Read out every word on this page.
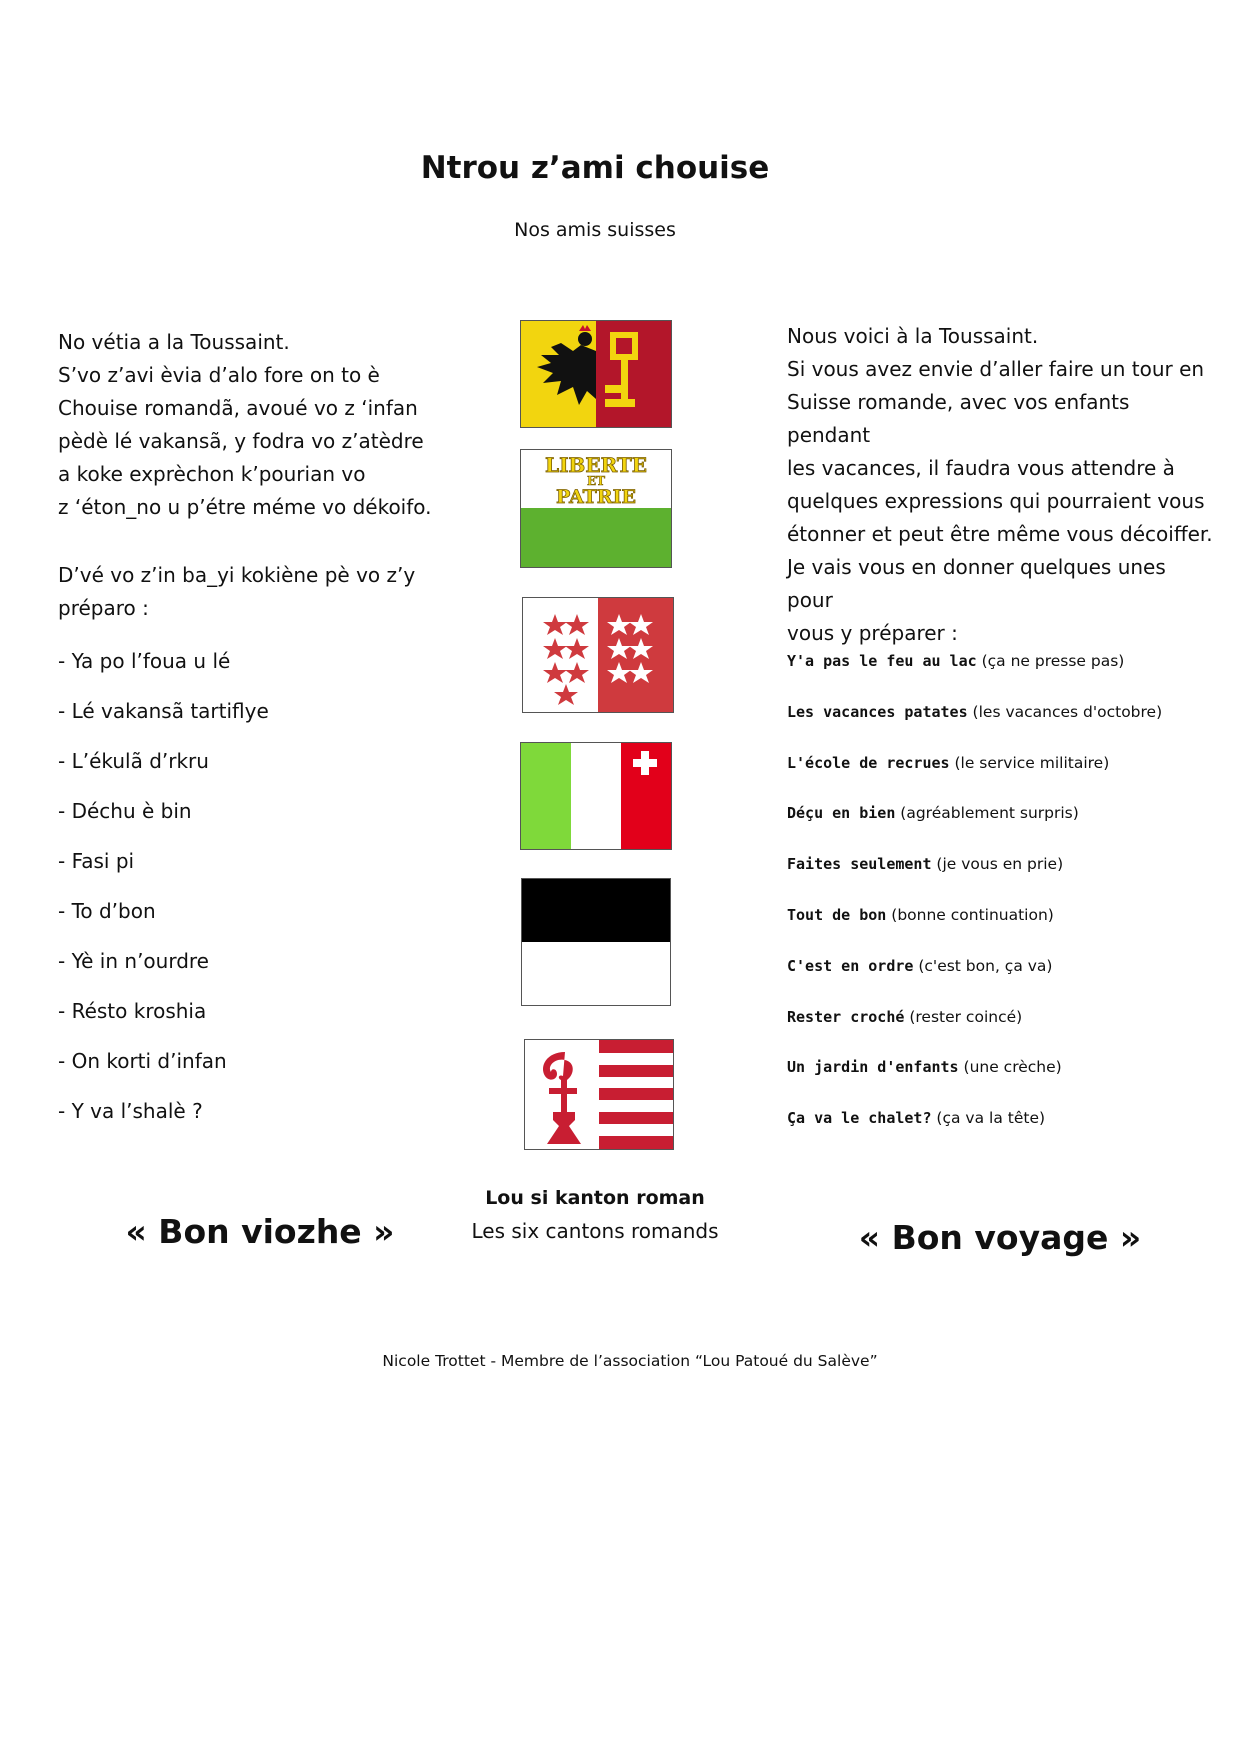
Ntrou z’ami chouise
Nos amis suisses

No vétia a la Toussaint.
S’vo z’avi èvia d’alo fore on to è
Chouise romandã, avoué vo z ‘infan
pèdè lé vakansã, y fodra vo z’atèdre
a koke exprèchon k’pourian vo
z ‘éton_no u p’étre méme vo dékoifo.

D’vé vo z’in ba_yi kokiène pè vo z’y
préparo :

- Ya po l’foua u lé
- Lé vakansã tartiflye
- L’ékulã d’rkru
- Déchu è bin
- Fasi pi
- To d’bon
- Yè in n’ourdre
- Résto kroshia
- On korti d’infan
- Y va l’shalè ?

Nous voici à la Toussaint.
Si vous avez envie d’aller faire un tour en
Suisse romande, avec vos enfants pendant
les vacances, il faudra vous attendre à
quelques expressions qui pourraient vous
étonner et peut être même vous décoiffer.

Je vais vous en donner quelques unes pour
vous y préparer :

Y'a pas le feu au lac (ça ne presse pas)
Les vacances patates (les vacances d'octobre)
L'école de recrues (le service militaire)
Déçu en bien (agréablement surpris)
Faites seulement (je vous en prie)
Tout de bon (bonne continuation)
C'est en ordre (c'est bon, ça va)
Rester croché (rester coincé)
Un jardin d'enfants (une crèche)
Ça va le chalet? (ça va la tête)
LIBERTE
ET
PATRIE
Lou si kanton roman
Les six cantons romands
« Bon viozhe »	« Bon voyage »
Nicole Trottet - Membre de l’association “Lou Patoué du Salève”
